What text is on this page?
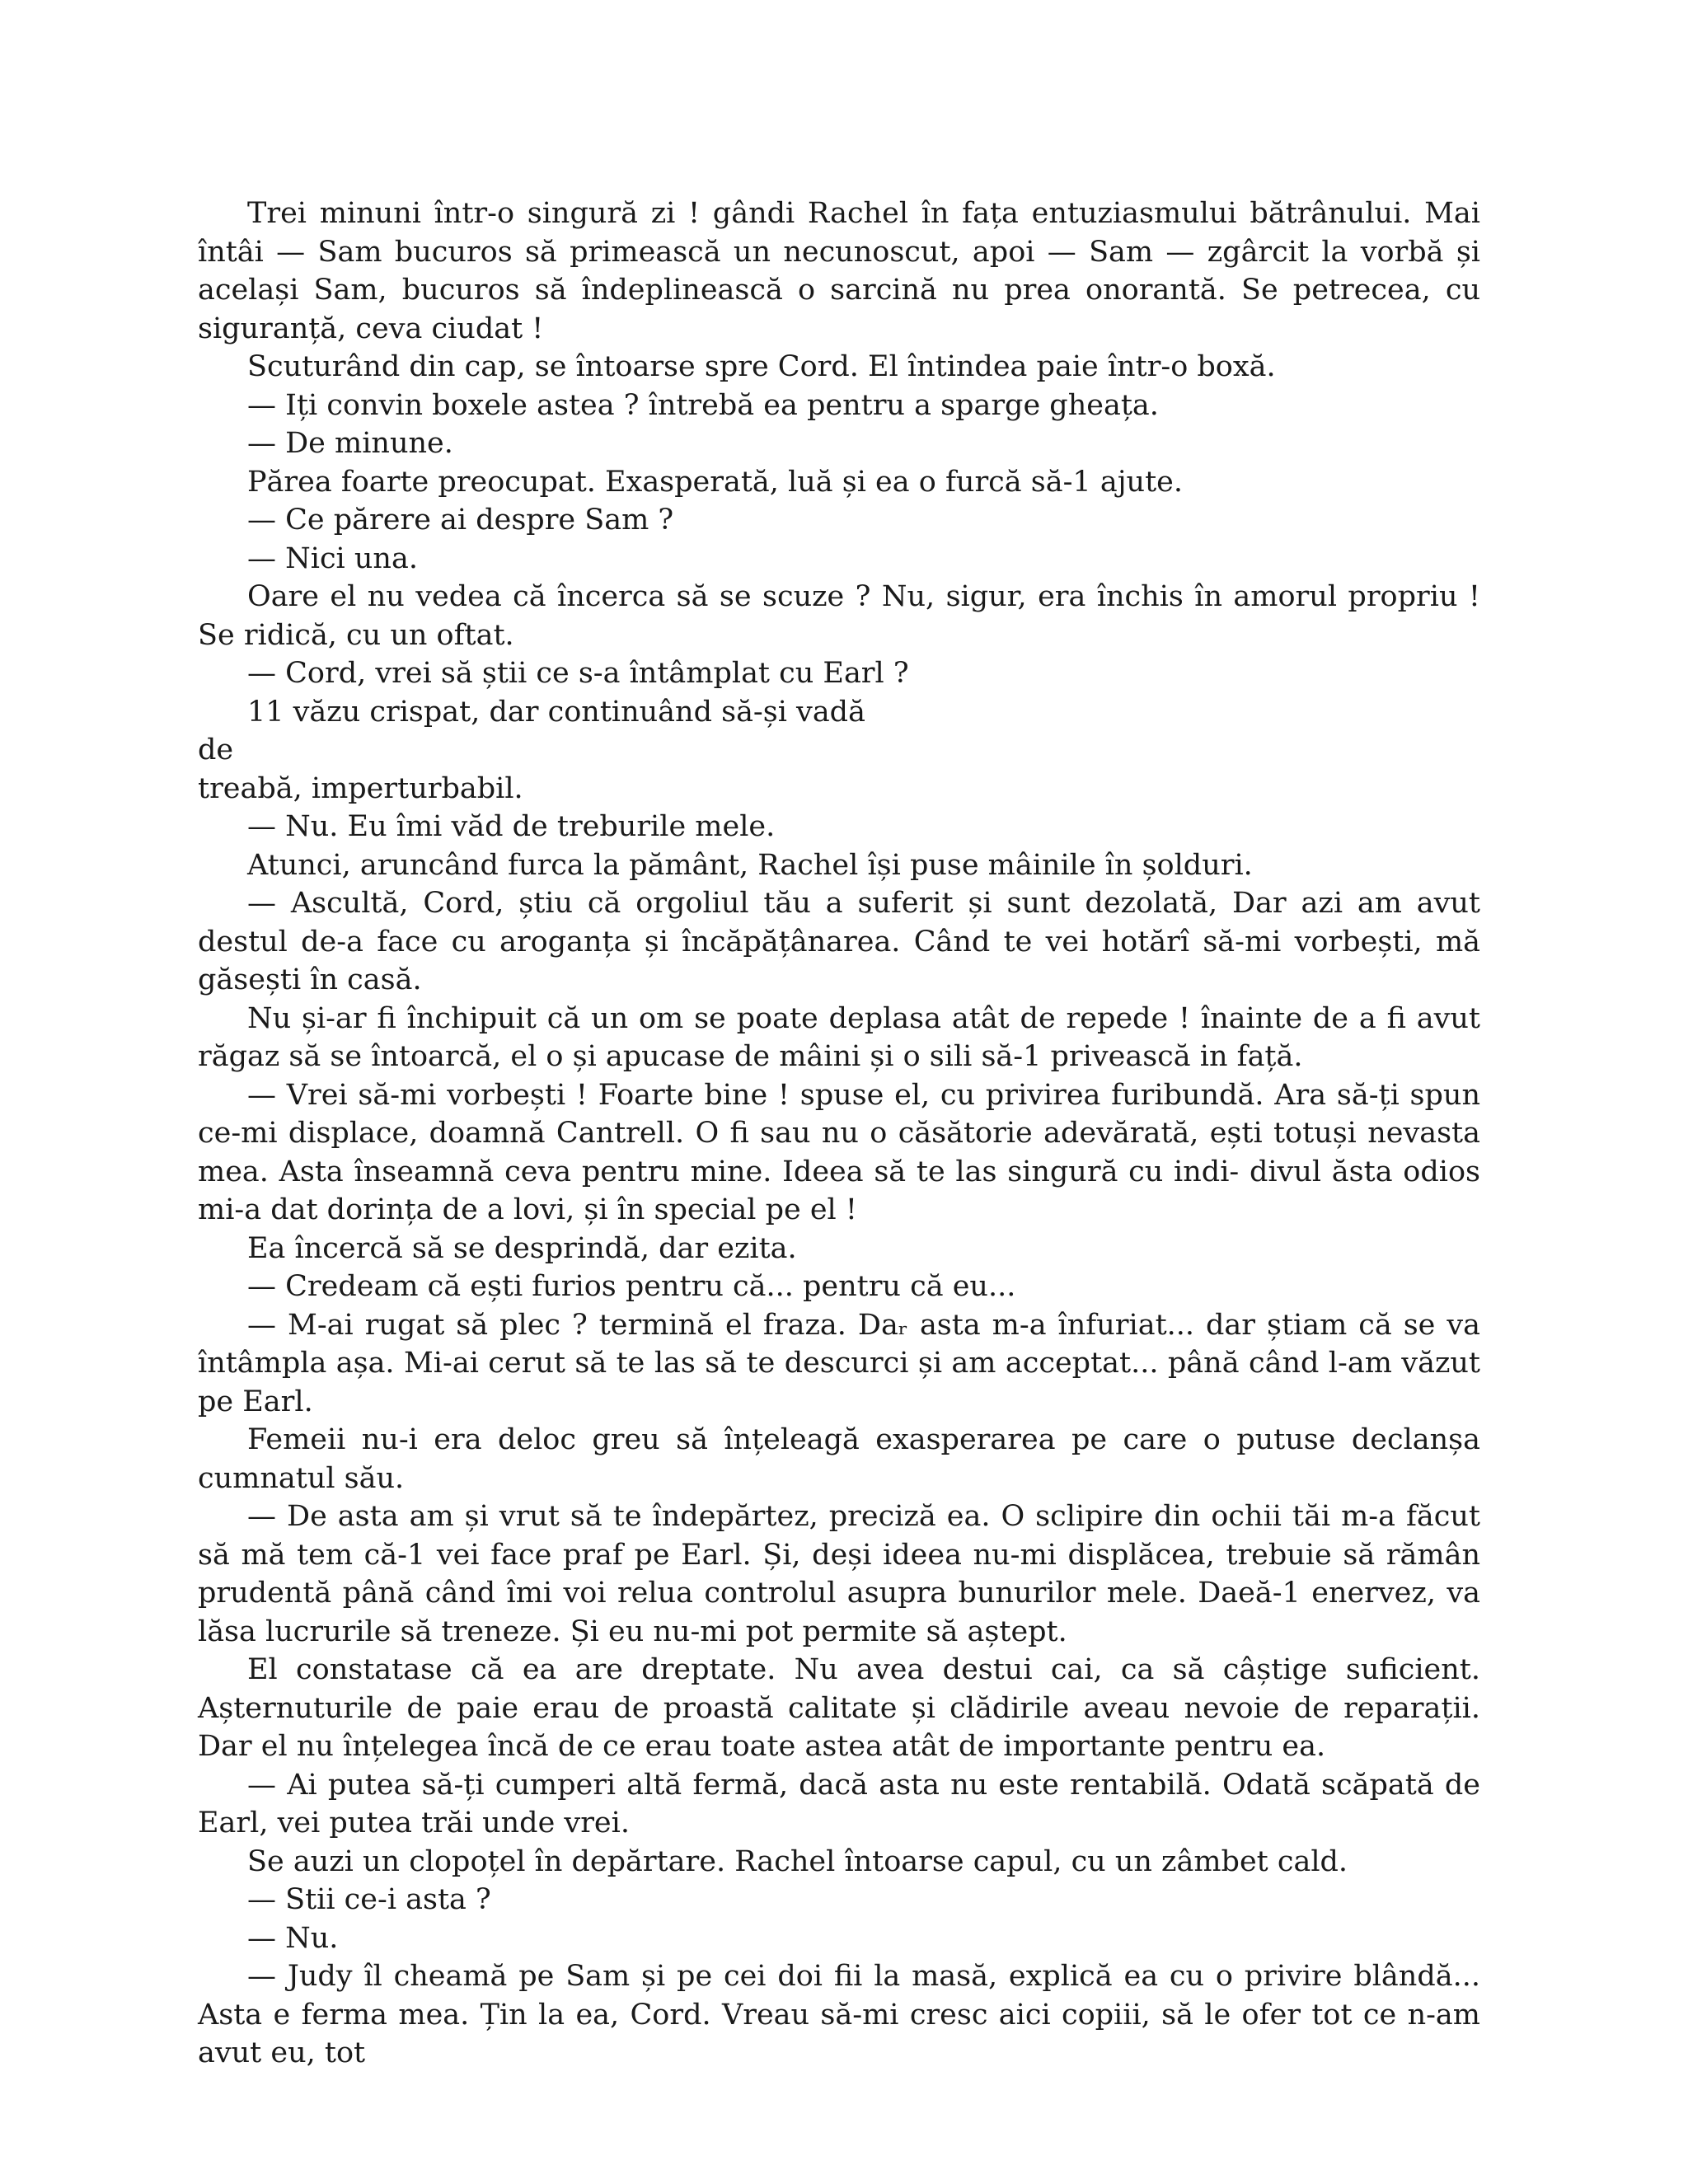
Trei minuni într-o singură zi ! gândi Rachel în fața entuziasmului bătrânului. Mai întâi — Sam bucuros să primească un necunoscut, apoi — Sam — zgârcit la vorbă și același Sam, bucuros să îndeplinească o sarcină nu prea onorantă. Se petrecea, cu siguranță, ceva ciudat !

Scuturând din cap, se întoarse spre Cord. El întindea paie într-o boxă.

— Iți convin boxele astea ? întrebă ea pentru a sparge gheața.

— De minune.

Părea foarte preocupat. Exasperată, luă și ea o furcă să-1 ajute.

— Ce părere ai despre Sam ?

— Nici una.

Oare el nu vedea că încerca să se scuze ? Nu, sigur, era închis în amorul propriu ! Se ridică, cu un oftat.

— Cord, vrei să știi ce s-a întâmplat cu Earl ?

11 văzu crispat, dar continuând să-și vadă de

treabă, imperturbabil.

— Nu. Eu îmi văd de treburile mele.

Atunci, aruncând furca la pământ, Rachel își puse mâinile în șolduri.

— Ascultă, Cord, știu că orgoliul tău a suferit și sunt dezolată, Dar azi am avut destul de-a face cu aroganța și încăpățânarea. Când te vei hotărî să-mi vorbești, mă găsești în casă.

Nu și-ar fi închipuit că un om se poate deplasa atât de repede ! înainte de a fi avut răgaz să se întoarcă, el o și apucase de mâini și o sili să-1 privească in față.

— Vrei să-mi vorbești ! Foarte bine ! spuse el, cu privirea furibundă. Ara să-ți spun ce-mi displace, doamnă Cantrell. O fi sau nu o căsătorie adevărată, ești totuși nevasta mea. Asta înseamnă ceva pentru mine. Ideea să te las singură cu indi- divul ăsta odios mi-a dat dorința de a lovi, și în special pe el !

Ea încercă să se desprindă, dar ezita.

— Credeam că ești furios pentru că... pentru că eu...

— M-ai rugat să plec ? termină el fraza. Daᵣ asta m-a înfuriat... dar știam că se va întâmpla așa. Mi-ai cerut să te las să te descurci și am acceptat... până când l-am văzut pe Earl.

Femeii nu-i era deloc greu să înțeleagă exasperarea pe care o putuse declanșa cumnatul său.

— De asta am și vrut să te îndepărtez, preciză ea. O sclipire din ochii tăi m-a făcut să mă tem că-1 vei face praf pe Earl. Și, deși ideea nu-mi displăcea, trebuie să rămân prudentă până când îmi voi relua controlul asupra bunurilor mele. Daeă-1 enervez, va lăsa lucrurile să treneze. Și eu nu-mi pot permite să aștept.

El constatase că ea are dreptate. Nu avea destui cai, ca să câștige suficient. Așternuturile de paie erau de proastă calitate și clădirile aveau nevoie de reparații. Dar el nu înțelegea încă de ce erau toate astea atât de importante pentru ea.

— Ai putea să-ți cumperi altă fermă, dacă asta nu este rentabilă. Odată scăpată de Earl, vei putea trăi unde vrei.

Se auzi un clopoțel în depărtare. Rachel întoarse capul, cu un zâmbet cald.

— Stii ce-i asta ?

— Nu.

— Judy îl cheamă pe Sam și pe cei doi fii la masă, explică ea cu o privire blândă... Asta e ferma mea. Țin la ea, Cord. Vreau să-mi cresc aici copiii, să le ofer tot ce n-am avut eu, tot
